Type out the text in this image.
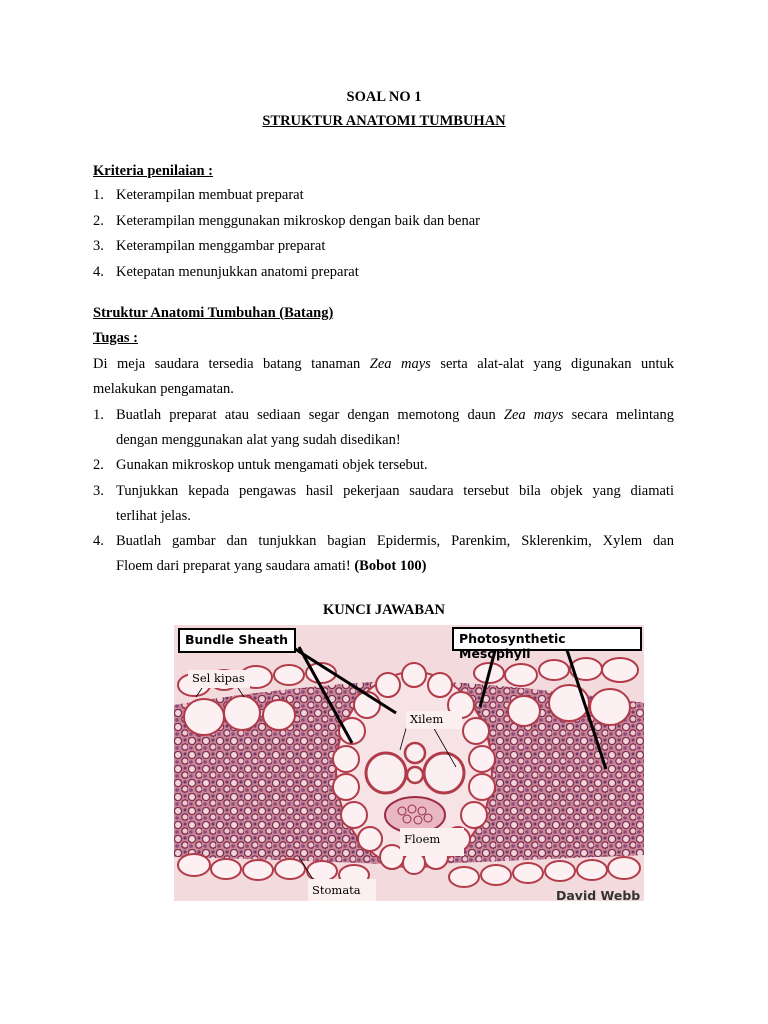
SOAL NO 1
STRUKTUR ANATOMI TUMBUHAN
Kriteria penilaian :
1. Keterampilan membuat preparat
2. Keterampilan menggunakan mikroskop dengan baik dan benar
3. Keterampilan menggambar preparat
4. Ketepatan menunjukkan anatomi preparat
Struktur Anatomi Tumbuhan (Batang)
Tugas :
Di meja saudara tersedia batang tanaman Zea mays serta alat-alat yang digunakan untuk
melakukan pengamatan.
1. Buatlah preparat atau sediaan segar dengan memotong daun Zea mays secara melintang
dengan menggunakan alat yang sudah disedikan!
2. Gunakan mikroskop untuk mengamati objek tersebut.
3. Tunjukkan kepada pengawas hasil pekerjaan saudara tersebut bila objek yang diamati
terlihat jelas.
4. Buatlah gambar dan tunjukkan bagian Epidermis, Parenkim, Sklerenkim, Xylem dan
Floem dari preparat yang saudara amati! (Bobot 100)
KUNCI JAWABAN
Bundle Sheath	Photosynthetic Mesophyll
Sel kipas
Xilem
Floem
Stomata	David Webb
